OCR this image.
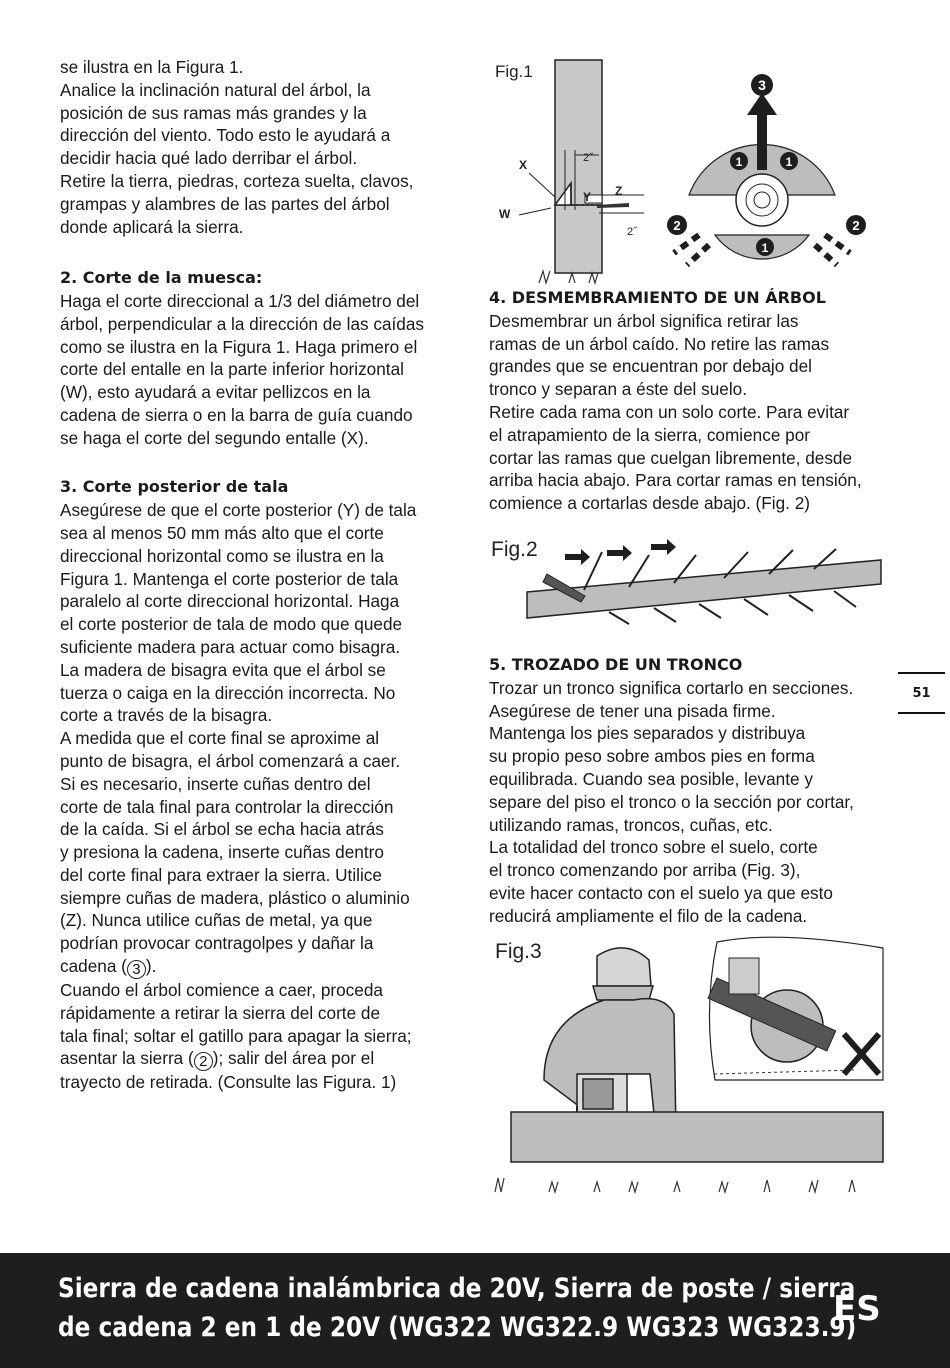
se ilustra en la Figura 1.

Analice la inclinación natural del árbol, la

posición de sus ramas más grandes y la

dirección del viento. Todo esto le ayudará a

decidir hacia qué lado derribar el árbol.

Retire la tierra, piedras, corteza suelta, clavos,

grampas y alambres de las partes del árbol

donde aplicará la sierra.

2. Corte de la muesca:

Haga el corte direccional a 1/3 del diámetro del

árbol, perpendicular a la dirección de las caídas

como se ilustra en la Figura 1. Haga primero el

corte del entalle en la parte inferior horizontal

(W), esto ayudará a evitar pellizcos en la

cadena de sierra o en la barra de guía cuando

se haga el corte del segundo entalle (X).

3. Corte posterior de tala

Asegúrese de que el corte posterior (Y) de tala

sea al menos 50 mm más alto que el corte

direccional horizontal como se ilustra en la

Figura 1. Mantenga el corte posterior de tala

paralelo al corte direccional horizontal. Haga

el corte posterior de tala de modo que quede

suficiente madera para actuar como bisagra.

La madera de bisagra evita que el árbol se

tuerza o caiga en la dirección incorrecta. No

corte a través de la bisagra.

A medida que el corte final se aproxime al

punto de bisagra, el árbol comenzará a caer.

Si es necesario, inserte cuñas dentro del

corte de tala final para controlar la dirección

de la caída. Si el árbol se echa hacia atrás

y presiona la cadena, inserte cuñas dentro

del corte final para extraer la sierra. Utilice

siempre cuñas de madera, plástico o aluminio

(Z). Nunca utilice cuñas de metal, ya que

podrían provocar contragolpes y dañar la

cadena ( 3 ).

Cuando el árbol comience a caer, proceda

rápidamente a retirar la sierra del corte de

tala final; soltar el gatillo para apagar la sierra;

asentar la sierra ( 2 ); salir del área por el

trayecto de retirada. (Consulte las Figura. 1)

Fig.1
X
W
Y Z
2˝
2˝
3
1	1
1
2	2

4. DESMEMBRAMIENTO DE UN ÁRBOL

Desmembrar un árbol significa retirar las

ramas de un árbol caído. No retire las ramas

grandes que se encuentran por debajo del

tronco y separan a éste del suelo.

Retire cada rama con un solo corte. Para evitar

el atrapamiento de la sierra, comience por

cortar las ramas que cuelgan libremente, desde

arriba hacia abajo. Para cortar ramas en tensión,

comience a cortarlas desde abajo. (Fig. 2)

Fig.2

5. TROZADO DE UN TRONCO

Trozar un tronco significa cortarlo en secciones.

Asegúrese de tener una pisada firme.

Mantenga los pies separados y distribuya

su propio peso sobre ambos pies en forma

equilibrada. Cuando sea posible, levante y

separe del piso el tronco o la sección por cortar,

utilizando ramas, troncos, cuñas, etc.

La totalidad del tronco sobre el suelo, corte

el tronco comenzando por arriba (Fig. 3),

evite hacer contacto con el suelo ya que esto

reducirá ampliamente el filo de la cadena.

51
Fig.3
Sierra de cadena inalámbrica de 20V, Sierra de poste / sierra
de cadena 2 en 1 de 20V (WG322 WG322.9 WG323 WG323.9)
ES
